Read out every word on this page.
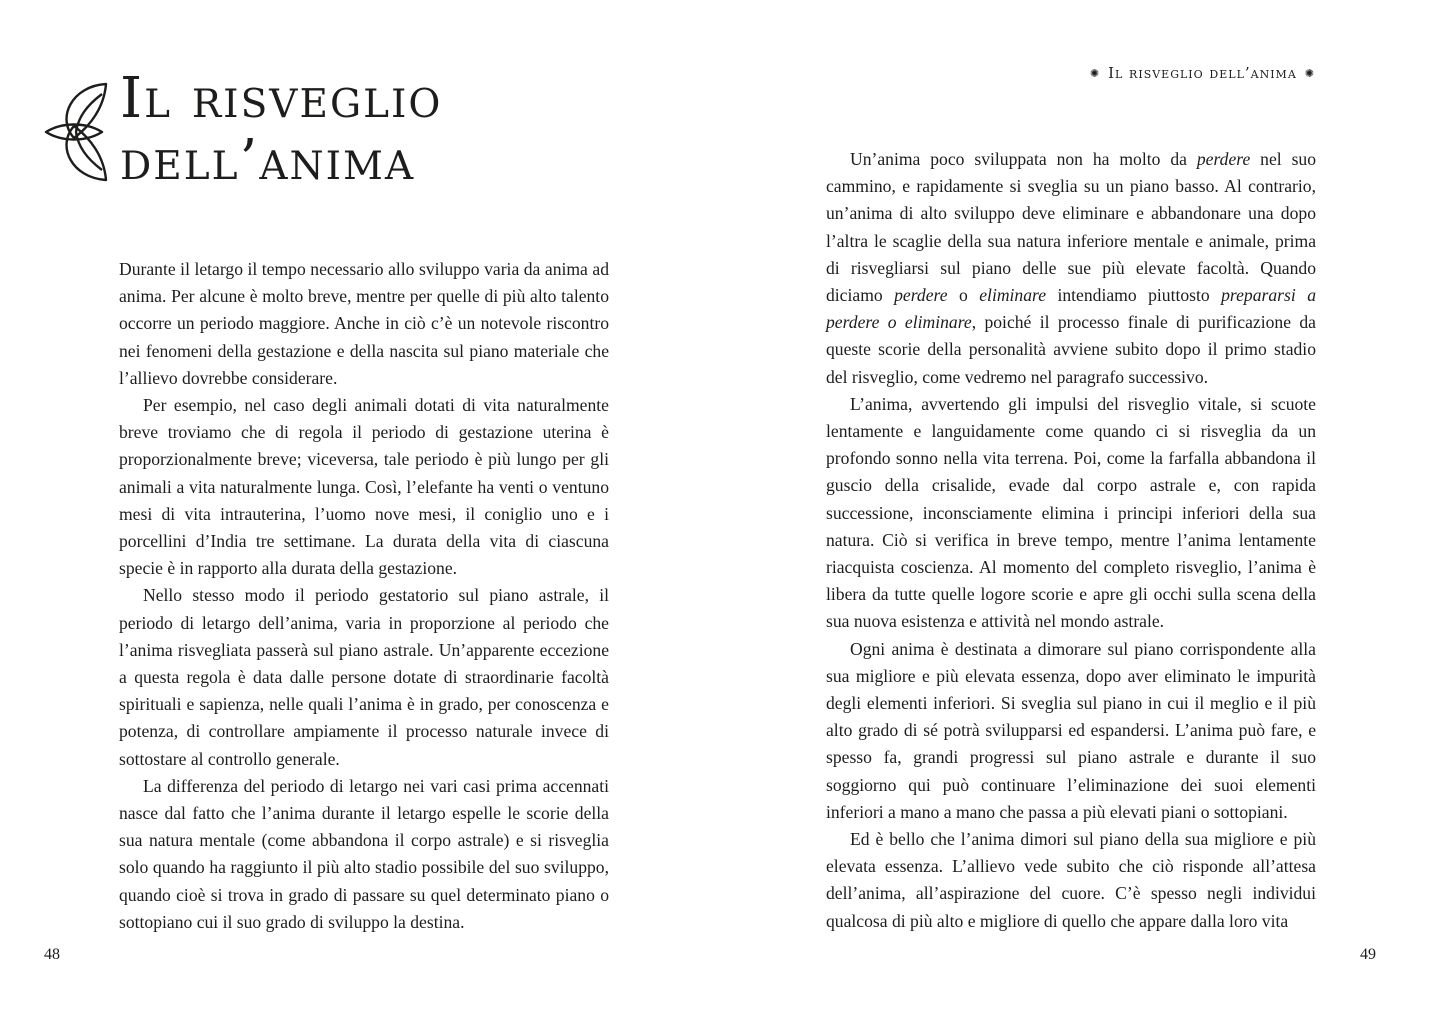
Il risveglio
dell’anima

Durante il letargo il tempo necessario allo sviluppo varia da anima ad anima. Per alcune è molto breve, mentre per quelle di più alto talento occorre un periodo maggiore. Anche in ciò c’è un notevole riscontro nei fenomeni della gestazione e della nascita sul piano materiale che l’allievo dovrebbe considerare.

Per esempio, nel caso degli animali dotati di vita naturalmente breve troviamo che di regola il periodo di gestazione uterina è proporzionalmente breve; viceversa, tale periodo è più lungo per gli animali a vita naturalmente lunga. Così, l’elefante ha venti o ventuno mesi di vita intrauterina, l’uomo nove mesi, il coniglio uno e i porcellini d’India tre settimane. La durata della vita di ciascuna specie è in rapporto alla durata della gestazione.

Nello stesso modo il periodo gestatorio sul piano astrale, il periodo di letargo dell’anima, varia in proporzione al periodo che l’anima risvegliata passerà sul piano astrale. Un’apparente eccezione a questa regola è data dalle persone dotate di straordinarie facoltà spirituali e sapienza, nelle quali l’anima è in grado, per conoscenza e potenza, di controllare ampiamente il processo naturale invece di sottostare al controllo generale.

La differenza del periodo di letargo nei vari casi prima accennati nasce dal fatto che l’anima durante il letargo espelle le scorie della sua natura mentale (come abbandona il corpo astrale) e si risveglia solo quando ha raggiunto il più alto stadio possibile del suo sviluppo, quando cioè si trova in grado di passare su quel determinato piano o sottopiano cui il suo grado di sviluppo la destina.

48
✺ Il risveglio dell’anima ✺

Un’anima poco sviluppata non ha molto da perdere nel suo cammino, e rapidamente si sveglia su un piano basso. Al contrario, un’anima di alto sviluppo deve eliminare e abbandonare una dopo l’altra le scaglie della sua natura inferiore mentale e animale, prima di risvegliarsi sul piano delle sue più elevate facoltà. Quando diciamo perdere o eliminare intendiamo piuttosto prepararsi a perdere o eliminare, poiché il processo finale di purificazione da queste scorie della personalità avviene subito dopo il primo stadio del risveglio, come vedremo nel paragrafo successivo.

L’anima, avvertendo gli impulsi del risveglio vitale, si scuote lentamente e languidamente come quando ci si risveglia da un profondo sonno nella vita terrena. Poi, come la farfalla abbandona il guscio della crisalide, evade dal corpo astrale e, con rapida successione, inconsciamente elimina i principi inferiori della sua natura. Ciò si verifica in breve tempo, mentre l’anima lentamente riacquista coscienza. Al momento del completo risveglio, l’anima è libera da tutte quelle logore scorie e apre gli occhi sulla scena della sua nuova esistenza e attività nel mondo astrale.

Ogni anima è destinata a dimorare sul piano corrispondente alla sua migliore e più elevata essenza, dopo aver eliminato le impurità degli elementi inferiori. Si sveglia sul piano in cui il meglio e il più alto grado di sé potrà svilupparsi ed espandersi. L’anima può fare, e spesso fa, grandi progressi sul piano astrale e durante il suo soggiorno qui può continuare l’eliminazione dei suoi elementi inferiori a mano a mano che passa a più elevati piani o sottopiani.

Ed è bello che l’anima dimori sul piano della sua migliore e più elevata essenza. L’allievo vede subito che ciò risponde all’attesa dell’anima, all’aspirazione del cuore. C’è spesso negli individui qualcosa di più alto e migliore di quello che appare dalla loro vita

49
